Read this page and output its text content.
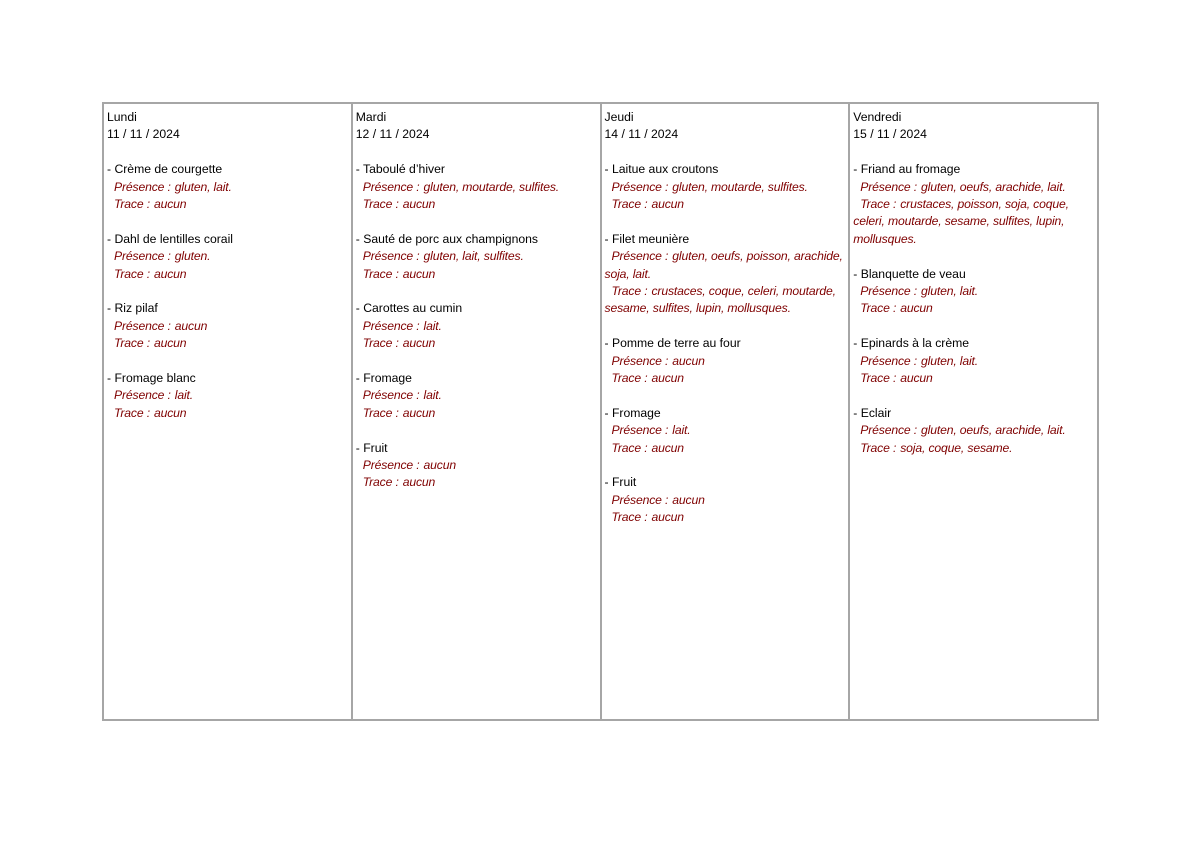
Lundi
11 / 11 / 2024
- Crème de courgette
Présence : gluten, lait.
Trace : aucun
- Dahl de lentilles corail
Présence : gluten.
Trace : aucun
- Riz pilaf
Présence : aucun
Trace : aucun
- Fromage blanc
Présence : lait.
Trace : aucun
Mardi
12 / 11 / 2024
- Taboulé d’hiver
Présence : gluten, moutarde, sulfites.
Trace : aucun
- Sauté de porc aux champignons
Présence : gluten, lait, sulfites.
Trace : aucun
- Carottes au cumin
Présence : lait.
Trace : aucun
- Fromage
Présence : lait.
Trace : aucun
- Fruit
Présence : aucun
Trace : aucun
Jeudi
14 / 11 / 2024
- Laitue aux croutons
Présence : gluten, moutarde, sulfites.
Trace : aucun
- Filet meunière
Présence : gluten, oeufs, poisson, arachide, soja, lait.
Trace : crustaces, coque, celeri, moutarde, sesame, sulfites, lupin, mollusques.
- Pomme de terre au four
Présence : aucun
Trace : aucun
- Fromage
Présence : lait.
Trace : aucun
- Fruit
Présence : aucun
Trace : aucun
Vendredi
15 / 11 / 2024
- Friand au fromage
Présence : gluten, oeufs, arachide, lait.
Trace : crustaces, poisson, soja, coque, celeri, moutarde, sesame, sulfites, lupin, mollusques.
- Blanquette de veau
Présence : gluten, lait.
Trace : aucun
- Epinards à la crème
Présence : gluten, lait.
Trace : aucun
- Eclair
Présence : gluten, oeufs, arachide, lait.
Trace : soja, coque, sesame.
